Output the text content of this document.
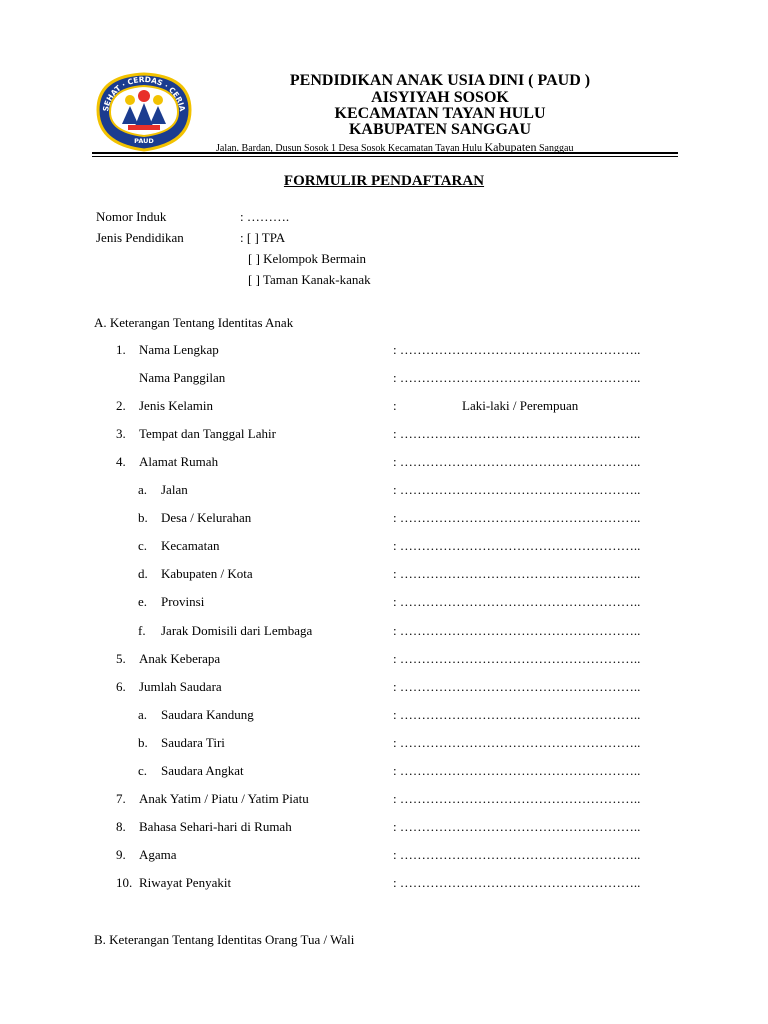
SEHAT · CERDAS · CERIA
PAUD
PENDIDIKAN ANAK USIA DINI ( PAUD )
AISYIYAH SOSOK
KECAMATAN TAYAN HULU
KABUPATEN SANGGAU
Jalan. Bardan, Dusun Sosok 1 Desa Sosok Kecamatan Tayan Hulu Kabupaten Sanggau
FORMULIR PENDAFTARAN
Nomor Induk	: ……….
Jenis Pendidikan	: [ ] TPA
[ ] Kelompok Bermain
[ ] Taman Kanak-kanak
A. Keterangan Tentang Identitas Anak
1. Nama Lengkap	: ………………………………………………..
Nama Panggilan	: ………………………………………………..
2. Jenis Kelamin	:	Laki-laki / Perempuan
3. Tempat dan Tanggal Lahir	: ………………………………………………..
4. Alamat Rumah	: ………………………………………………..
a. Jalan	: ………………………………………………..
b. Desa / Kelurahan	: ………………………………………………..
c. Kecamatan	: ………………………………………………..
d. Kabupaten / Kota	: ………………………………………………..
e. Provinsi	: ………………………………………………..
f. Jarak Domisili dari Lembaga	: ………………………………………………..
5. Anak Keberapa	: ………………………………………………..
6. Jumlah Saudara	: ………………………………………………..
a. Saudara Kandung	: ………………………………………………..
b. Saudara Tiri	: ………………………………………………..
c. Saudara Angkat	: ………………………………………………..
7. Anak Yatim / Piatu / Yatim Piatu	: ………………………………………………..
8. Bahasa Sehari-hari di Rumah	: ………………………………………………..
9. Agama	: ………………………………………………..
10. Riwayat Penyakit	: ………………………………………………..
B. Keterangan Tentang Identitas Orang Tua / Wali
